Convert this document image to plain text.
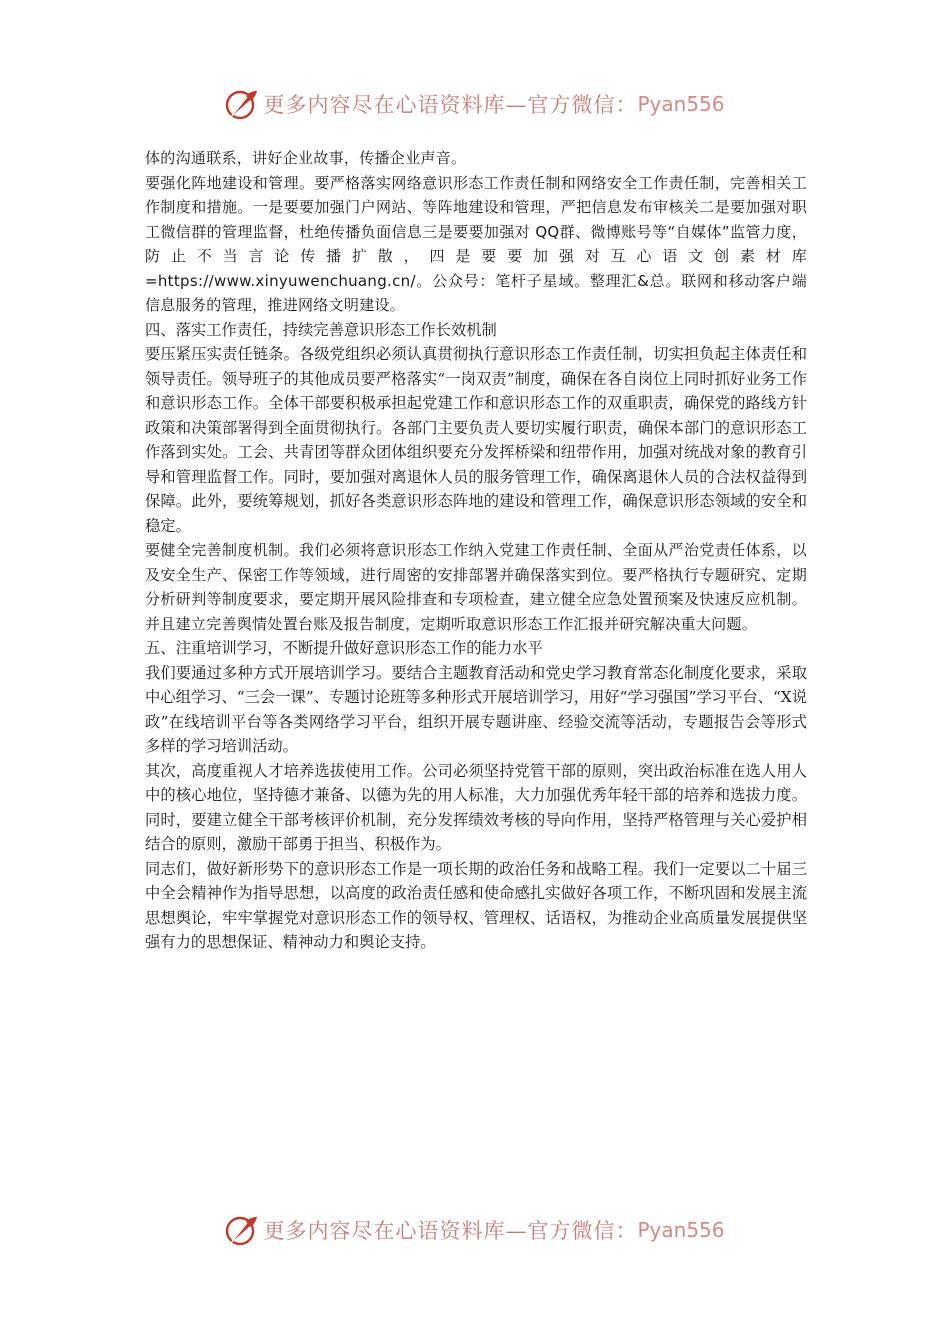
更多内容尽在心语资料库—官方微信： Pyan556

体的沟通联系，讲好企业故事，传播企业声音。

要强化阵地建设和管理。要严格落实网络意识形态工作责任制和网络安全工作责任制，完善相关工作制度和措施。一是要要加强门户网站、等阵地建设和管理，严把信息发布审核关二是要加强对职工微信群的管理监督，杜绝传播负面信息三是要要加强对 QQ群、微博账号等“自媒体”监管力度，防止不当言论传播扩散，四是要要加强对互心语文创素材库=https://www.xinyuwenchuang.cn/。公众号：笔杆子星域。整理汇&总。联网和移动客户端信息服务的管理，推进网络文明建设。

四、落实工作责任，持续完善意识形态工作长效机制

要压紧压实责任链条。各级党组织必须认真贯彻执行意识形态工作责任制，切实担负起主体责任和领导责任。领导班子的其他成员要严格落实“一岗双责”制度，确保在各自岗位上同时抓好业务工作和意识形态工作。全体干部要积极承担起党建工作和意识形态工作的双重职责，确保党的路线方针政策和决策部署得到全面贯彻执行。各部门主要负责人要切实履行职责，确保本部门的意识形态工作落到实处。工会、共青团等群众团体组织要充分发挥桥梁和纽带作用，加强对统战对象的教育引导和管理监督工作。同时，要加强对离退休人员的服务管理工作，确保离退休人员的合法权益得到保障。此外，要统筹规划，抓好各类意识形态阵地的建设和管理工作，确保意识形态领域的安全和稳定。

要健全完善制度机制。我们必须将意识形态工作纳入党建工作责任制、全面从严治党责任体系，以及安全生产、保密工作等领域，进行周密的安排部署并确保落实到位。要严格执行专题研究、定期分析研判等制度要求，要定期开展风险排查和专项检查，建立健全应急处置预案及快速反应机制。并且建立完善舆情处置台账及报告制度，定期听取意识形态工作汇报并研究解决重大问题。

五、注重培训学习，不断提升做好意识形态工作的能力水平

我们要通过多种方式开展培训学习。要结合主题教育活动和党史学习教育常态化制度化要求，采取中心组学习、“三会一课”、专题讨论班等多种形式开展培训学习，用好“学习强国”学习平台、“X说政”在线培训平台等各类网络学习平台，组织开展专题讲座、经验交流等活动，专题报告会等形式多样的学习培训活动。

其次，高度重视人才培养选拔使用工作。公司必须坚持党管干部的原则，突出政治标准在选人用人中的核心地位，坚持德才兼备、以德为先的用人标准，大力加强优秀年轻干部的培养和选拔力度。同时，要建立健全干部考核评价机制，充分发挥绩效考核的导向作用，坚持严格管理与关心爱护相结合的原则，激励干部勇于担当、积极作为。

同志们，做好新形势下的意识形态工作是一项长期的政治任务和战略工程。我们一定要以二十届三中全会精神作为指导思想，以高度的政治责任感和使命感扎实做好各项工作，不断巩固和发展主流思想舆论，牢牢掌握党对意识形态工作的领导权、管理权、话语权，为推动企业高质量发展提供坚强有力的思想保证、精神动力和舆论支持。

更多内容尽在心语资料库—官方微信： Pyan556
